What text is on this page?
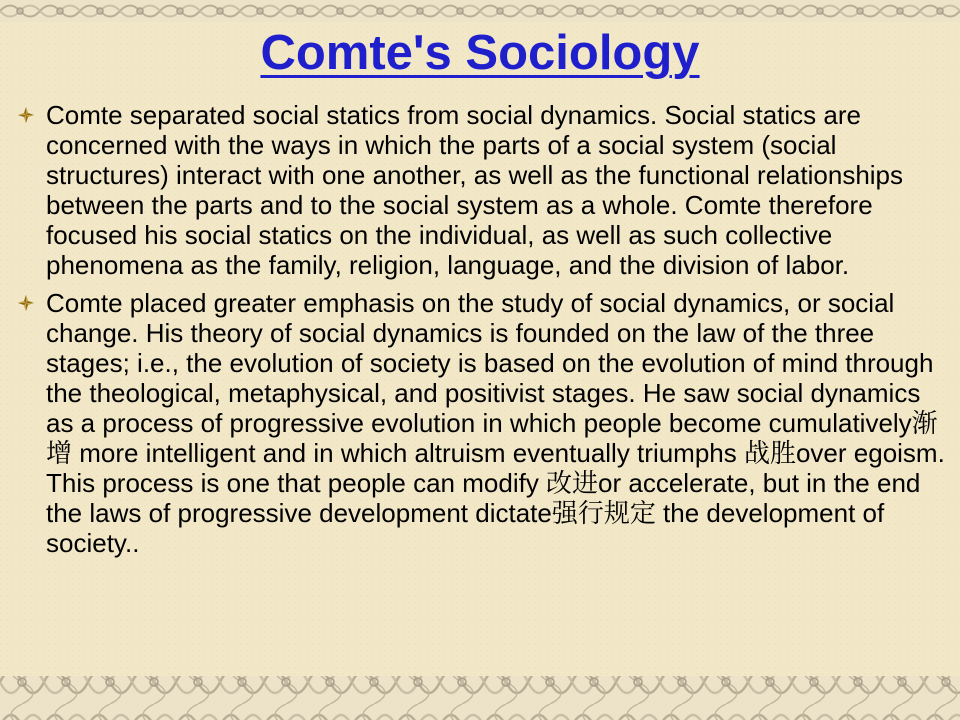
Comte's Sociology
Comte separated social statics from social dynamics. Social statics are concerned with the ways in which the parts of a social system (social structures) interact with one another, as well as the functional relationships between the parts and to the social system as a whole. Comte therefore focused his social statics on the individual, as well as such collective phenomena as the family, religion, language, and the division of labor.
Comte placed greater emphasis on the study of social dynamics, or social change. His theory of social dynamics is founded on the law of the three stages; i.e., the evolution of society is based on the evolution of mind through the theological, metaphysical, and positivist stages. He saw social dynamics as a process of progressive evolution in which people become cumulatively渐增 more intelligent and in which altruism eventually triumphs 战胜over egoism. This process is one that people can modify 改进or accelerate, but in the end the laws of progressive development dictate强行规定 the development of society..
